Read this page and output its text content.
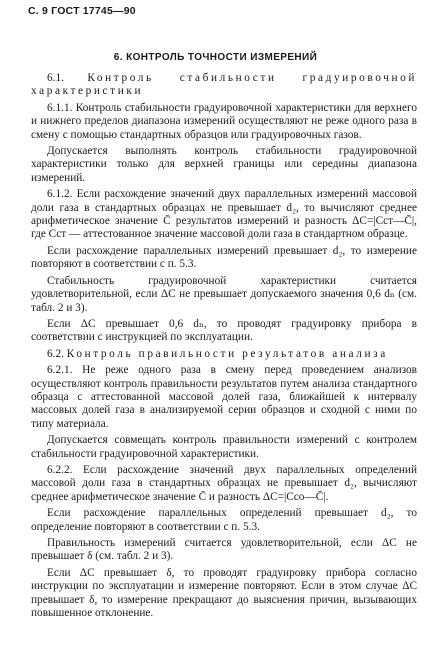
С. 9 ГОСТ 17745—90
6. КОНТРОЛЬ ТОЧНОСТИ ИЗМЕРЕНИЙ

6.1. Контроль стабильности градуировочной характеристики

6.1.1. Контроль стабильности градуировочной характеристики для верхнего и нижнего пределов диапазона измерений осуществляют не реже одного раза в смену с помощью стандартных образцов или градуировочных газов.

Допускается выполнять контроль стабильности градуировочной характеристики только для верхней границы или середины диапазона измерений.

6.1.2. Если расхождение значений двух параллельных измерений массовой доли газа в стандартных образцах не превышает d₂, то вычисляют среднее арифметическое значение C̄ результатов измерений и разность ΔC=|Cст—C̄|, где Cст — аттестованное значение массовой доли газа в стандартном образце.

Если расхождение параллельных измерений превышает d₂, то измерение повторяют в соответствии с п. 5.3.

Стабильность градуировочной характеристики считается удовлетворительной, если ΔC не превышает допускаемого значения 0,6 dₙ (см. табл. 2 и 3).

Если ΔC превышает 0,6 dₙ, то проводят градуировку прибора в соответствии с инструкцией по эксплуатации.

6.2. Контроль правильности результатов анализа

6.2.1. Не реже одного раза в смену перед проведением анализов осуществляют контроль правильности результатов путем анализа стандартного образца с аттестованной массовой долей газа, ближайшей к интервалу массовых долей газа в анализируемой серии образцов и сходной с ними по типу материала.

Допускается совмещать контроль правильности измерений с контролем стабильности градуировочной характеристики.

6.2.2. Если расхождение значений двух параллельных определений массовой доли газа в стандартных образцах не превышает d₂, вычисляют среднее арифметическое значение C̄ и разность ΔC=|Cсо—C̄|.

Если расхождение параллельных определений превышает d₂, то определение повторяют в соответствии с п. 5.3.

Правильность измерений считается удовлетворительной, если ΔC не превышает δ (см. табл. 2 и 3).

Если ΔC превышает δ, то проводят градуировку прибора согласно инструкции по эксплуатации и измерение повторяют. Если в этом случае ΔC превышает δ, то измерение прекращают до выяснения причин, вызывающих повышенное отклонение.
